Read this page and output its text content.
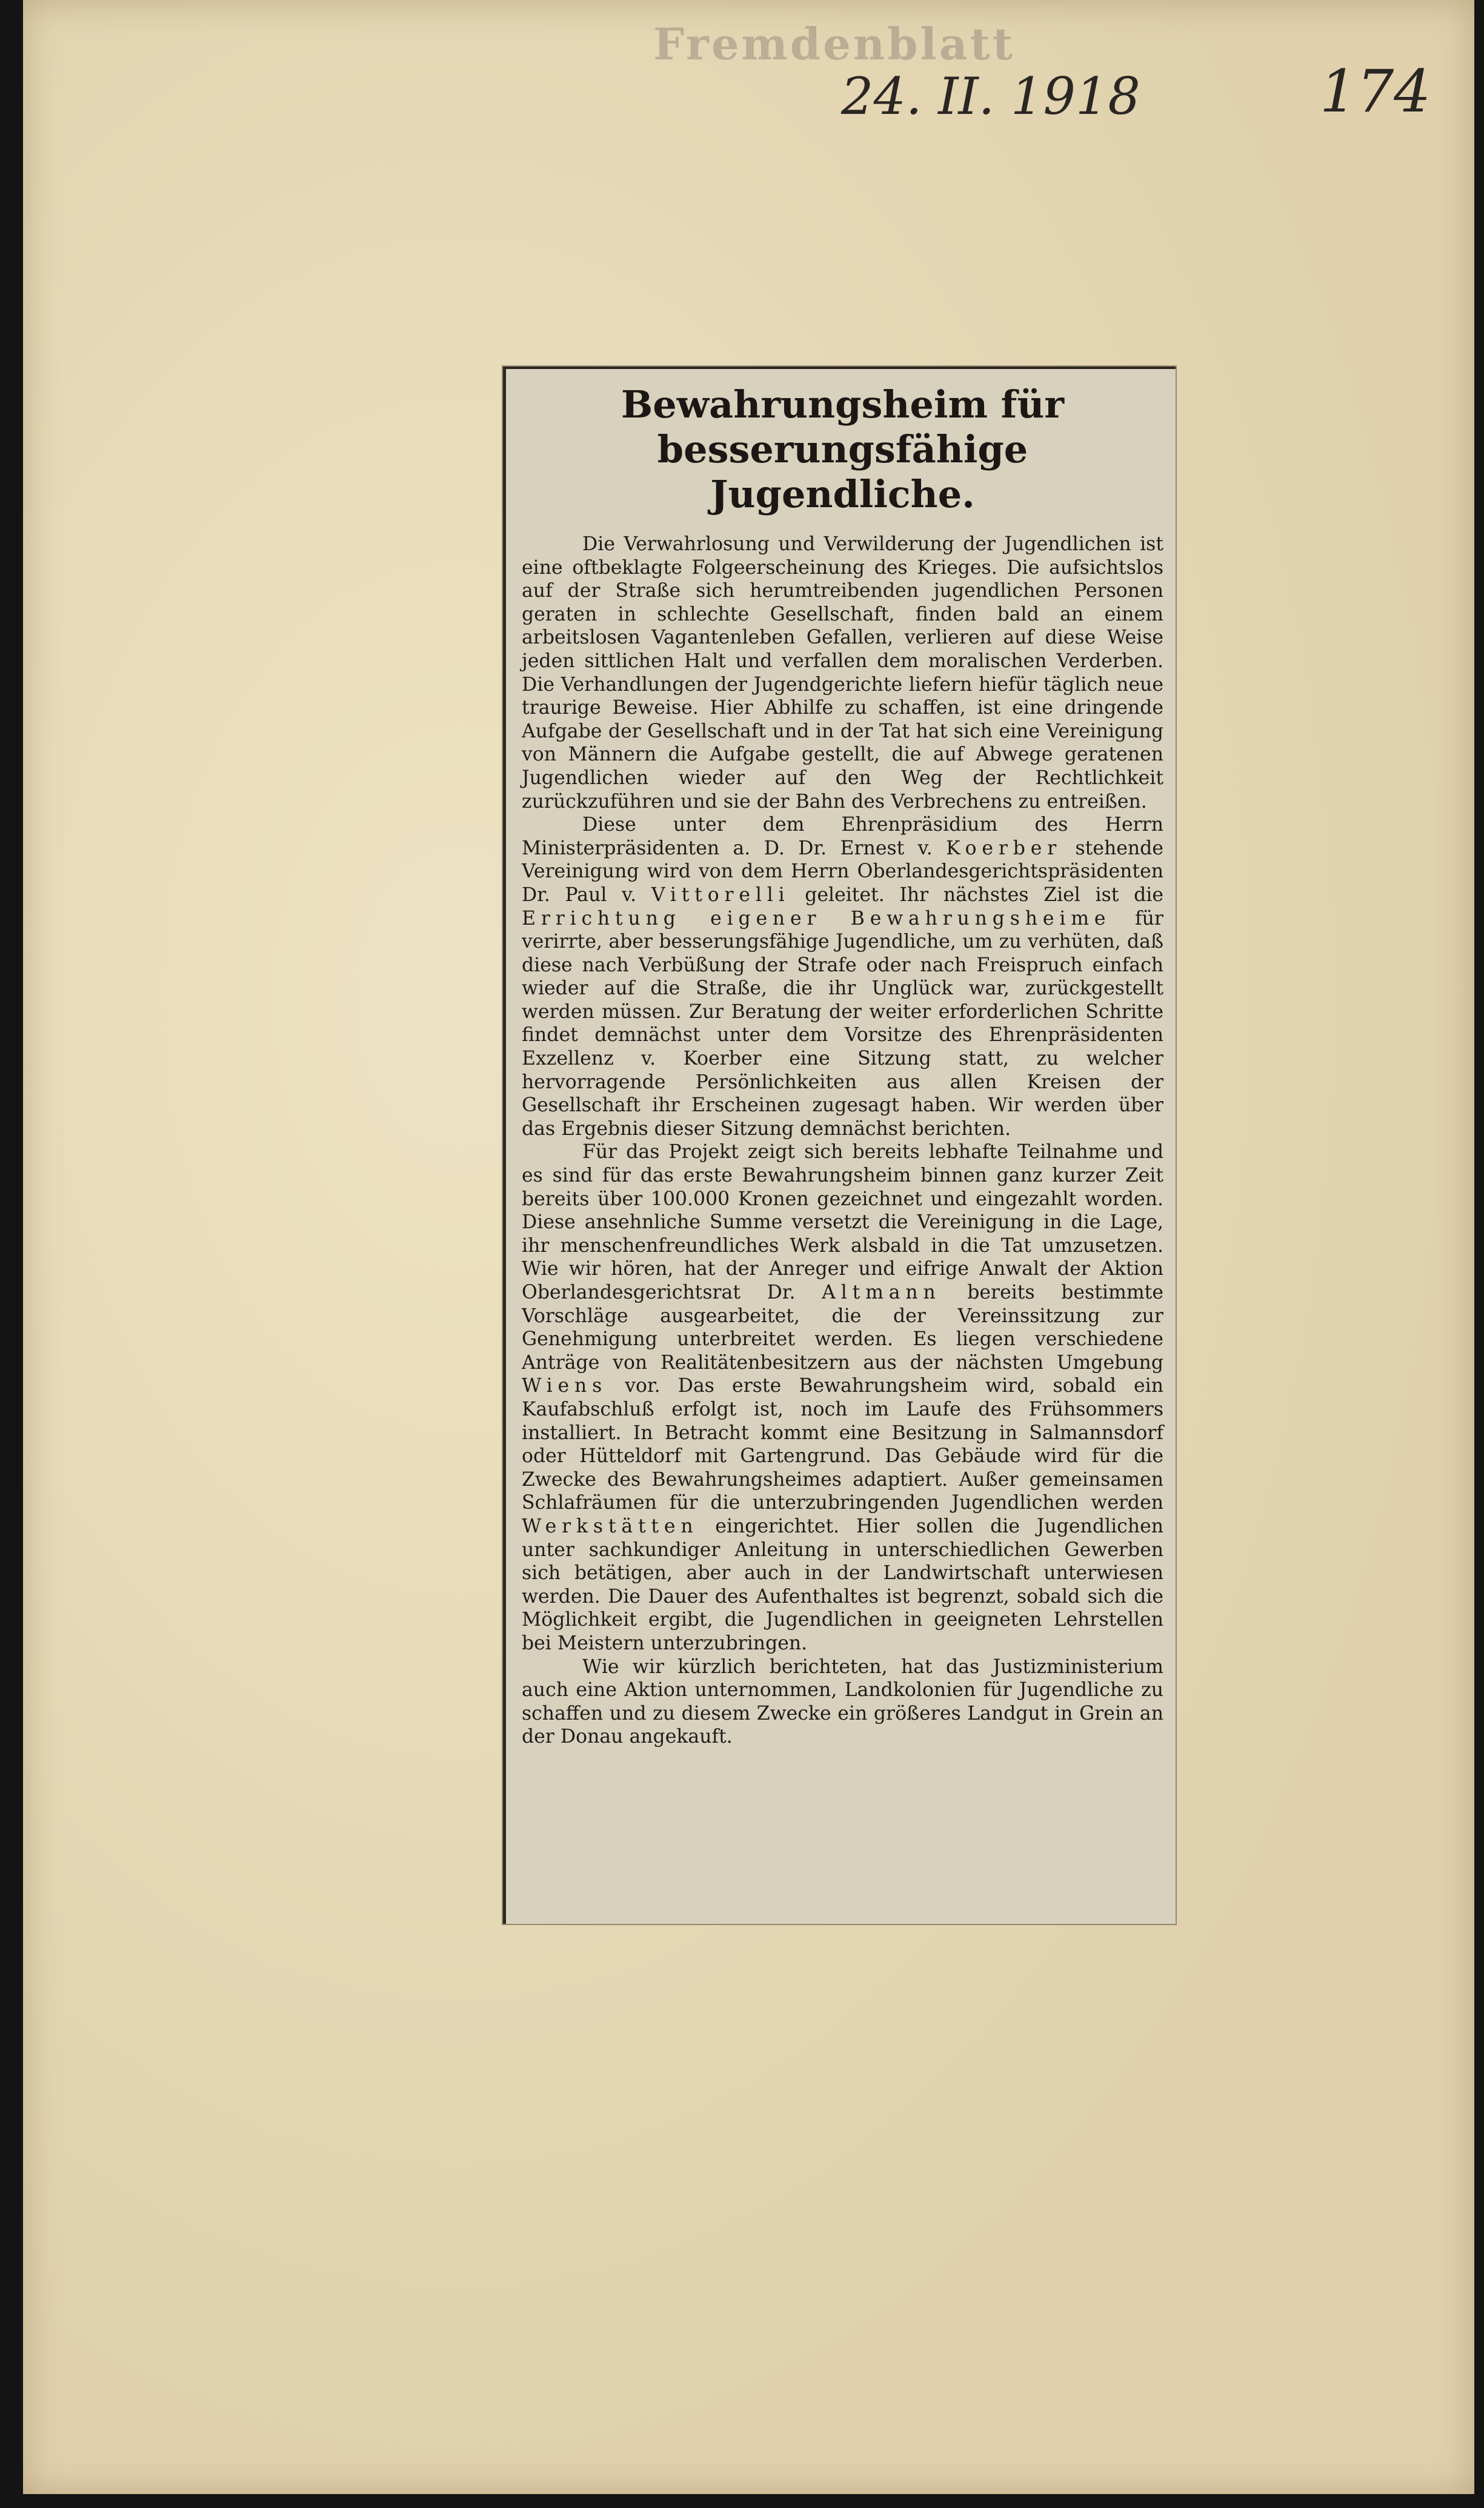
Fremdenblatt
24. II. 1918	174
Bewahrungsheim für besserungsfähige Jugendliche.

Die Verwahrlosung und Verwilderung der Jugendlichen ist eine oftbeklagte Folgeerscheinung des Krieges. Die aufsichtslos auf der Straße sich herumtreibenden jugendlichen Personen geraten in schlechte Gesellschaft, finden bald an einem arbeitslosen Vagantenleben Gefallen, verlieren auf diese Weise jeden sittlichen Halt und verfallen dem moralischen Verderben. Die Verhandlungen der Jugendgerichte liefern hiefür täglich neue traurige Beweise. Hier Abhilfe zu schaffen, ist eine dringende Aufgabe der Gesellschaft und in der Tat hat sich eine Vereinigung von Männern die Aufgabe gestellt, die auf Abwege geratenen Jugendlichen wieder auf den Weg der Rechtlichkeit zurückzuführen und sie der Bahn des Verbrechens zu entreißen.

Diese unter dem Ehrenpräsidium des Herrn Ministerpräsidenten a. D. Dr. Ernest v. Koerber stehende Vereinigung wird von dem Herrn Oberlandesgerichtspräsidenten Dr. Paul v. Vittorelli geleitet. Ihr nächstes Ziel ist die Errichtung eigener Bewahrungsheime für verirrte, aber besserungsfähige Jugendliche, um zu verhüten, daß diese nach Verbüßung der Strafe oder nach Freispruch einfach wieder auf die Straße, die ihr Unglück war, zurückgestellt werden müssen. Zur Beratung der weiter erforderlichen Schritte findet demnächst unter dem Vorsitze des Ehrenpräsidenten Exzellenz v. Koerber eine Sitzung statt, zu welcher hervorragende Persönlichkeiten aus allen Kreisen der Gesellschaft ihr Erscheinen zugesagt haben. Wir werden über das Ergebnis dieser Sitzung demnächst berichten.

Für das Projekt zeigt sich bereits lebhafte Teilnahme und es sind für das erste Bewahrungsheim binnen ganz kurzer Zeit bereits über 100.000 Kronen gezeichnet und eingezahlt worden. Diese ansehnliche Summe versetzt die Vereinigung in die Lage, ihr menschenfreundliches Werk alsbald in die Tat umzusetzen. Wie wir hören, hat der Anreger und eifrige Anwalt der Aktion Oberlandesgerichtsrat Dr. Altmann bereits bestimmte Vorschläge ausgearbeitet, die der Vereinssitzung zur Genehmigung unterbreitet werden. Es liegen verschiedene Anträge von Realitätenbesitzern aus der nächsten Umgebung Wiens vor. Das erste Bewahrungsheim wird, sobald ein Kaufabschluß erfolgt ist, noch im Laufe des Frühsommers installiert. In Betracht kommt eine Besitzung in Salmannsdorf oder Hütteldorf mit Gartengrund. Das Gebäude wird für die Zwecke des Bewahrungsheimes adaptiert. Außer gemeinsamen Schlafräumen für die unterzubringenden Jugendlichen werden Werkstätten eingerichtet. Hier sollen die Jugendlichen unter sachkundiger Anleitung in unterschiedlichen Gewerben sich betätigen, aber auch in der Landwirtschaft unterwiesen werden. Die Dauer des Aufenthaltes ist begrenzt, sobald sich die Möglichkeit ergibt, die Jugendlichen in geeigneten Lehrstellen bei Meistern unterzubringen.

Wie wir kürzlich berichteten, hat das Justizministerium auch eine Aktion unternommen, Landkolonien für Jugendliche zu schaffen und zu diesem Zwecke ein größeres Landgut in Grein an der Donau angekauft.
